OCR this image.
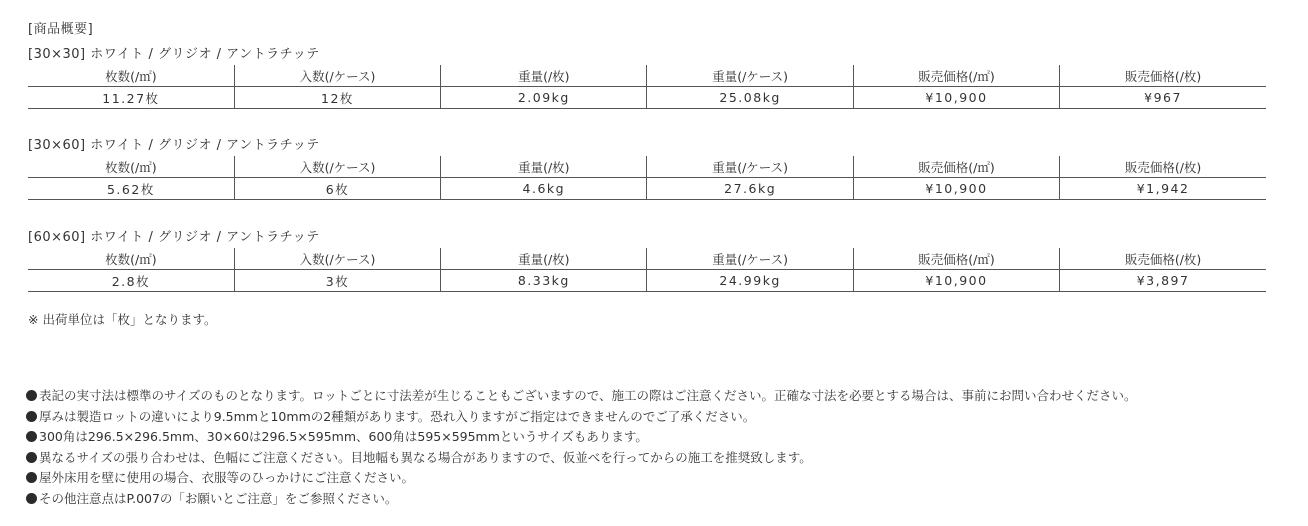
[商品概要]
[30×30] ホワイト / グリジオ / アントラチッテ
枚数(/㎡)	入数(/ケース)	重量(/枚)	重量(/ケース)	販売価格(/㎡)	販売価格(/枚)
11.27枚	12枚	2.09kg	25.08kg	¥10,900	¥967
[30×60] ホワイト / グリジオ / アントラチッテ
枚数(/㎡)	入数(/ケース)	重量(/枚)	重量(/ケース)	販売価格(/㎡)	販売価格(/枚)
5.62枚	6枚	4.6kg	27.6kg	¥10,900	¥1,942
[60×60] ホワイト / グリジオ / アントラチッテ
枚数(/㎡)	入数(/ケース)	重量(/枚)	重量(/ケース)	販売価格(/㎡)	販売価格(/枚)
2.8枚	3枚	8.33kg	24.99kg	¥10,900	¥3,897
※ 出荷単位は「枚」となります。
表記の実寸法は標準のサイズのものとなります。ロットごとに寸法差が生じることもございますので、施工の際はご注意ください。正確な寸法を必要とする場合は、事前にお問い合わせください。
厚みは製造ロットの違いにより9.5mmと10mmの2種類があります。恐れ入りますがご指定はできませんのでご了承ください。
300角は296.5×296.5mm、30×60は296.5×595mm、600角は595×595mmというサイズもあります。
異なるサイズの張り合わせは、色幅にご注意ください。目地幅も異なる場合がありますので、仮並べを行ってからの施工を推奨致します。
屋外床用を壁に使用の場合、衣服等のひっかけにご注意ください。
その他注意点はP.007の「お願いとご注意」をご参照ください。
